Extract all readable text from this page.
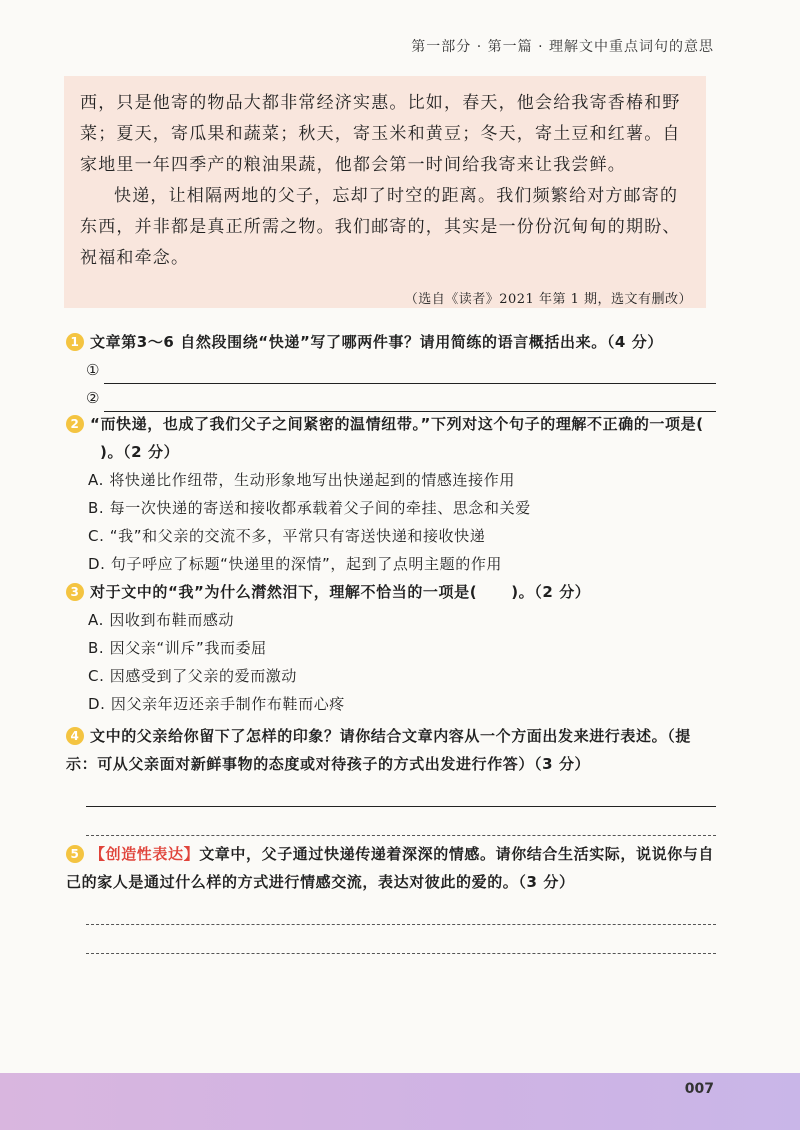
第一部分 · 第一篇 · 理解文中重点词句的意思

西，只是他寄的物品大都非常经济实惠。比如，春天，他会给我寄香椿和野菜；夏天，寄瓜果和蔬菜；秋天，寄玉米和黄豆；冬天，寄土豆和红薯。自家地里一年四季产的粮油果蔬，他都会第一时间给我寄来让我尝鲜。

快递，让相隔两地的父子，忘却了时空的距离。我们频繁给对方邮寄的东西，并非都是真正所需之物。我们邮寄的，其实是一份份沉甸甸的期盼、祝福和牵念。

（选自《读者》2021 年第 1 期，选文有删改）

1 文章第3～6 自然段围绕“快递”写了哪两件事？请用简练的语言概括出来。（4 分）
①
②
2 “而快递，也成了我们父子之间紧密的温情纽带。”下列对这个句子的理解不正确的一项是()。（2 分）
A. 将快递比作纽带，生动形象地写出快递起到的情感连接作用
B. 每一次快递的寄送和接收都承载着父子间的牵挂、思念和关爱
C. “我”和父亲的交流不多，平常只有寄送快递和接收快递
D. 句子呼应了标题“快递里的深情”，起到了点明主题的作用
3 对于文中的“我”为什么潸然泪下，理解不恰当的一项是( )。（2 分）
A. 因收到布鞋而感动
B. 因父亲“训斥”我而委屈
C. 因感受到了父亲的爱而激动
D. 因父亲年迈还亲手制作布鞋而心疼
4 文中的父亲给你留下了怎样的印象？请你结合文章内容从一个方面出发来进行表述。（提示：可从父亲面对新鲜事物的态度或对待孩子的方式出发进行作答）（3 分）
5 【创造性表达】文章中，父子通过快递传递着深深的情感。请你结合生活实际，说说你与自己的家人是通过什么样的方式进行情感交流，表达对彼此的爱的。（3 分）
007
